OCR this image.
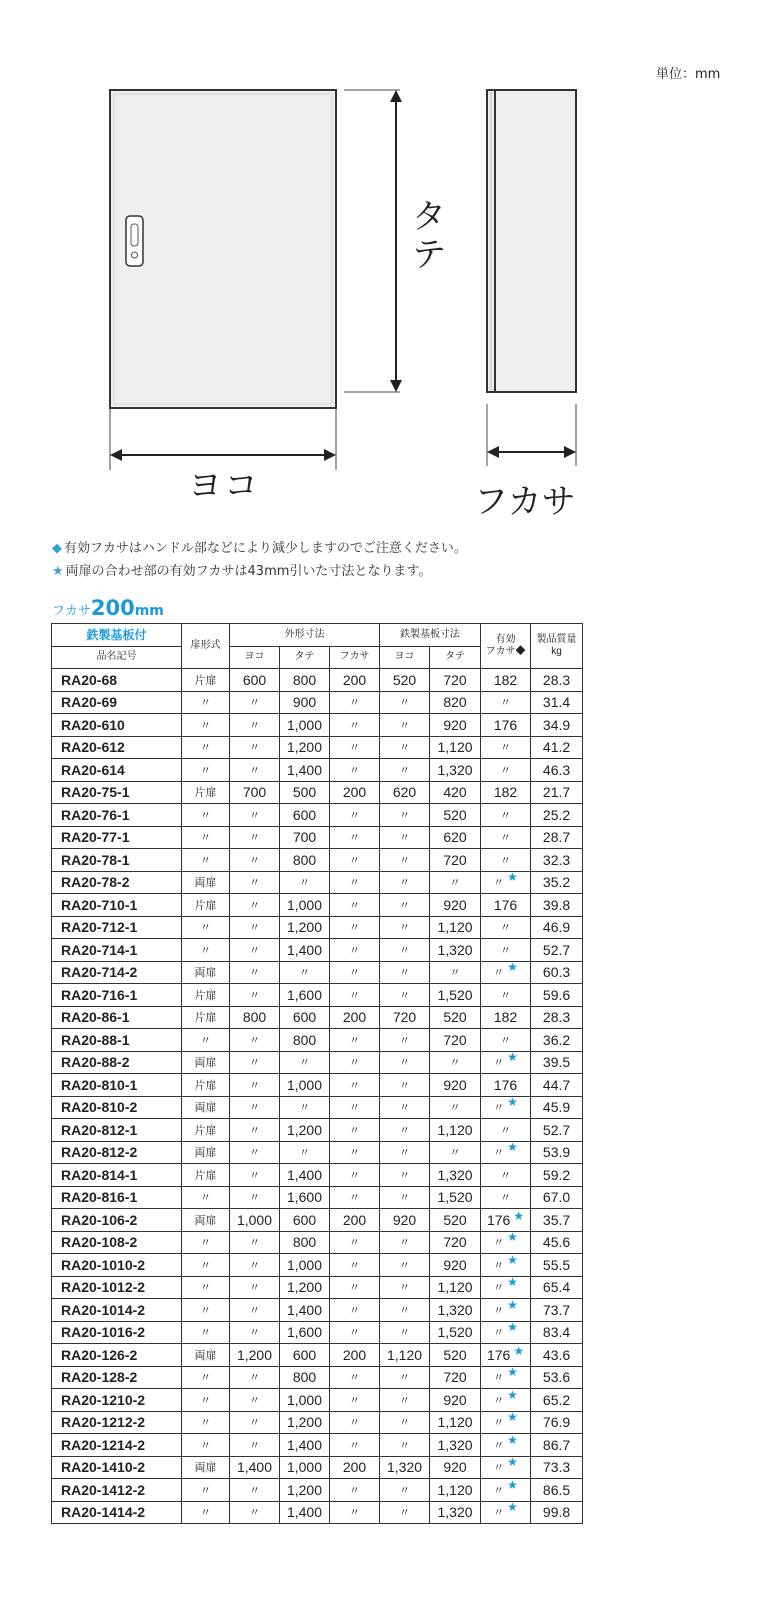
単位：mm
タテ
ヨコ	フカサ
◆ 有効フカサはハンドル部などにより減少しますのでご注意ください。
★ 両扉の合わせ部の有効フカサは43mm引いた寸法となります。
フカサ200mm
鉄製基板付	扉形式	外形寸法			鉄製基板寸法		有効
フカサ◆	製品質量
kg
品名記号		ヨコ	タテ	フカサ	ヨコ	タテ		
RA20-68	片扉	600	800	200	520	720	182	28.3
RA20-69	〃	〃	900	〃	〃	820	〃	31.4
RA20-610	〃	〃	1,000	〃	〃	920	176	34.9
RA20-612	〃	〃	1,200	〃	〃	1,120	〃	41.2
RA20-614	〃	〃	1,400	〃	〃	1,320	〃	46.3
RA20-75-1	片扉	700	500	200	620	420	182	21.7
RA20-76-1	〃	〃	600	〃	〃	520	〃	25.2
RA20-77-1	〃	〃	700	〃	〃	620	〃	28.7
RA20-78-1	〃	〃	800	〃	〃	720	〃	32.3
RA20-78-2	両扉	〃	〃	〃	〃	〃	〃 ★	35.2
RA20-710-1	片扉	〃	1,000	〃	〃	920	176	39.8
RA20-712-1	〃	〃	1,200	〃	〃	1,120	〃	46.9
RA20-714-1	〃	〃	1,400	〃	〃	1,320	〃	52.7
RA20-714-2	両扉	〃	〃	〃	〃	〃	〃 ★	60.3
RA20-716-1	片扉	〃	1,600	〃	〃	1,520	〃	59.6
RA20-86-1	片扉	800	600	200	720	520	182	28.3
RA20-88-1	〃	〃	800	〃	〃	720	〃	36.2
RA20-88-2	両扉	〃	〃	〃	〃	〃	〃 ★	39.5
RA20-810-1	片扉	〃	1,000	〃	〃	920	176	44.7
RA20-810-2	両扉	〃	〃	〃	〃	〃	〃 ★	45.9
RA20-812-1	片扉	〃	1,200	〃	〃	1,120	〃	52.7
RA20-812-2	両扉	〃	〃	〃	〃	〃	〃 ★	53.9
RA20-814-1	片扉	〃	1,400	〃	〃	1,320	〃	59.2
RA20-816-1	〃	〃	1,600	〃	〃	1,520	〃	67.0
RA20-106-2	両扉	1,000	600	200	920	520	176 ★	35.7
RA20-108-2	〃	〃	800	〃	〃	720	〃 ★	45.6
RA20-1010-2	〃	〃	1,000	〃	〃	920	〃 ★	55.5
RA20-1012-2	〃	〃	1,200	〃	〃	1,120	〃 ★	65.4
RA20-1014-2	〃	〃	1,400	〃	〃	1,320	〃 ★	73.7
RA20-1016-2	〃	〃	1,600	〃	〃	1,520	〃 ★	83.4
RA20-126-2	両扉	1,200	600	200	1,120	520	176 ★	43.6
RA20-128-2	〃	〃	800	〃	〃	720	〃 ★	53.6
RA20-1210-2	〃	〃	1,000	〃	〃	920	〃 ★	65.2
RA20-1212-2	〃	〃	1,200	〃	〃	1,120	〃 ★	76.9
RA20-1214-2	〃	〃	1,400	〃	〃	1,320	〃 ★	86.7
RA20-1410-2	両扉	1,400	1,000	200	1,320	920	〃 ★	73.3
RA20-1412-2	〃	〃	1,200	〃	〃	1,120	〃 ★	86.5
RA20-1414-2	〃	〃	1,400	〃	〃	1,320	〃 ★	99.8
